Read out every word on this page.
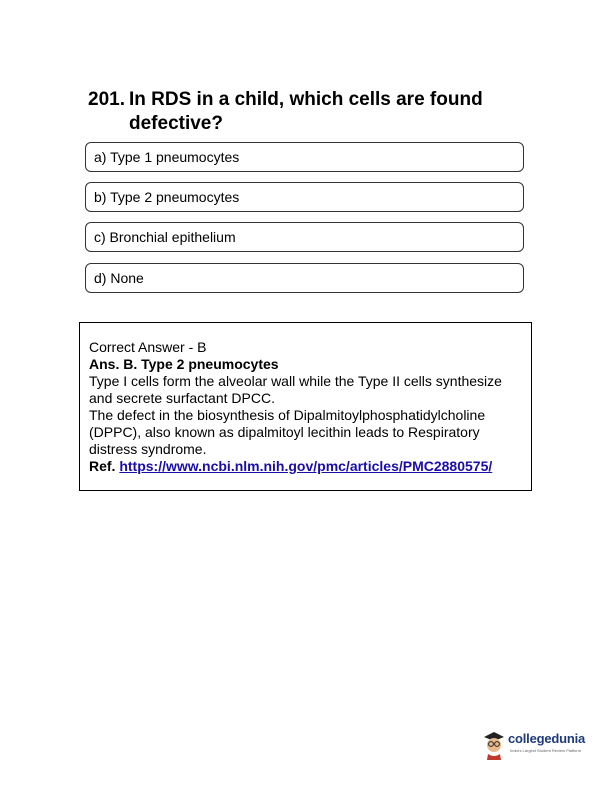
201. In RDS in a child, which cells are found defective?
a) Type 1 pneumocytes
b) Type 2 pneumocytes
c) Bronchial epithelium
d) None
Correct Answer - B
Ans. B. Type 2 pneumocytes
Type I cells form the alveolar wall while the Type II cells synthesize and secrete surfactant DPCC.
The defect in the biosynthesis of Dipalmitoylphosphatidylcholine (DPPC), also known as dipalmitoyl lecithin leads to Respiratory distress syndrome.
Ref. https://www.ncbi.nlm.nih.gov/pmc/articles/PMC2880575/
collegedunia
India's Largest Student Review Platform
